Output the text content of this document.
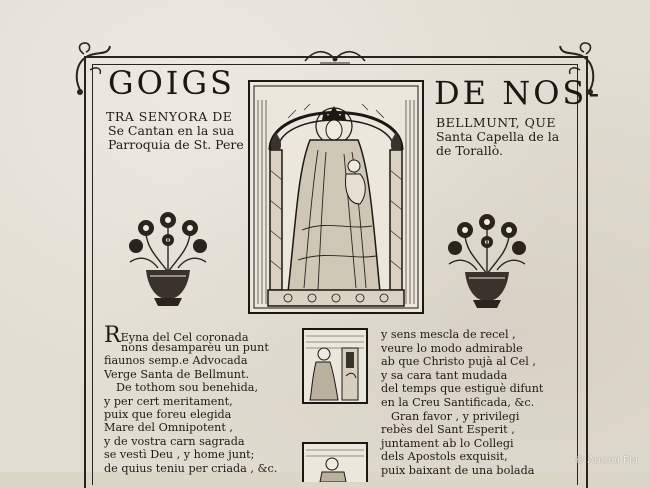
GOIGS	DE NOS-
TRA SENYORA DE
Se Cantan en la sua
Parroquia de St. Pere
BELLMUNT, QUE
Santa Capella de la
de Torallò.
REyna del Cel coronada
nons desamparèu un punt
fiaunos semp.e Advocada
Verge Santa de Bellmunt.
De tothom sou benehida,
y per cert meritament,
puix que foreu elegida
Mare del Omnipotent ,
y de vostra carn sagrada
se vestì Deu , y home junt;
de quius teniu per criada , &c.
y sens mescla de recel ,
veure lo modo admirable
ab que Christo pujà al Cel ,
y sa cara tant mudada
del temps que estiguè difunt
en la Creu Santificada, &c.
Gran favor , y privilegi
rebès del Sant Esperit ,
juntament ab lo Collegi
dels Apostols exquisit,
puix baixant de una bolada
© Antoni Pla
